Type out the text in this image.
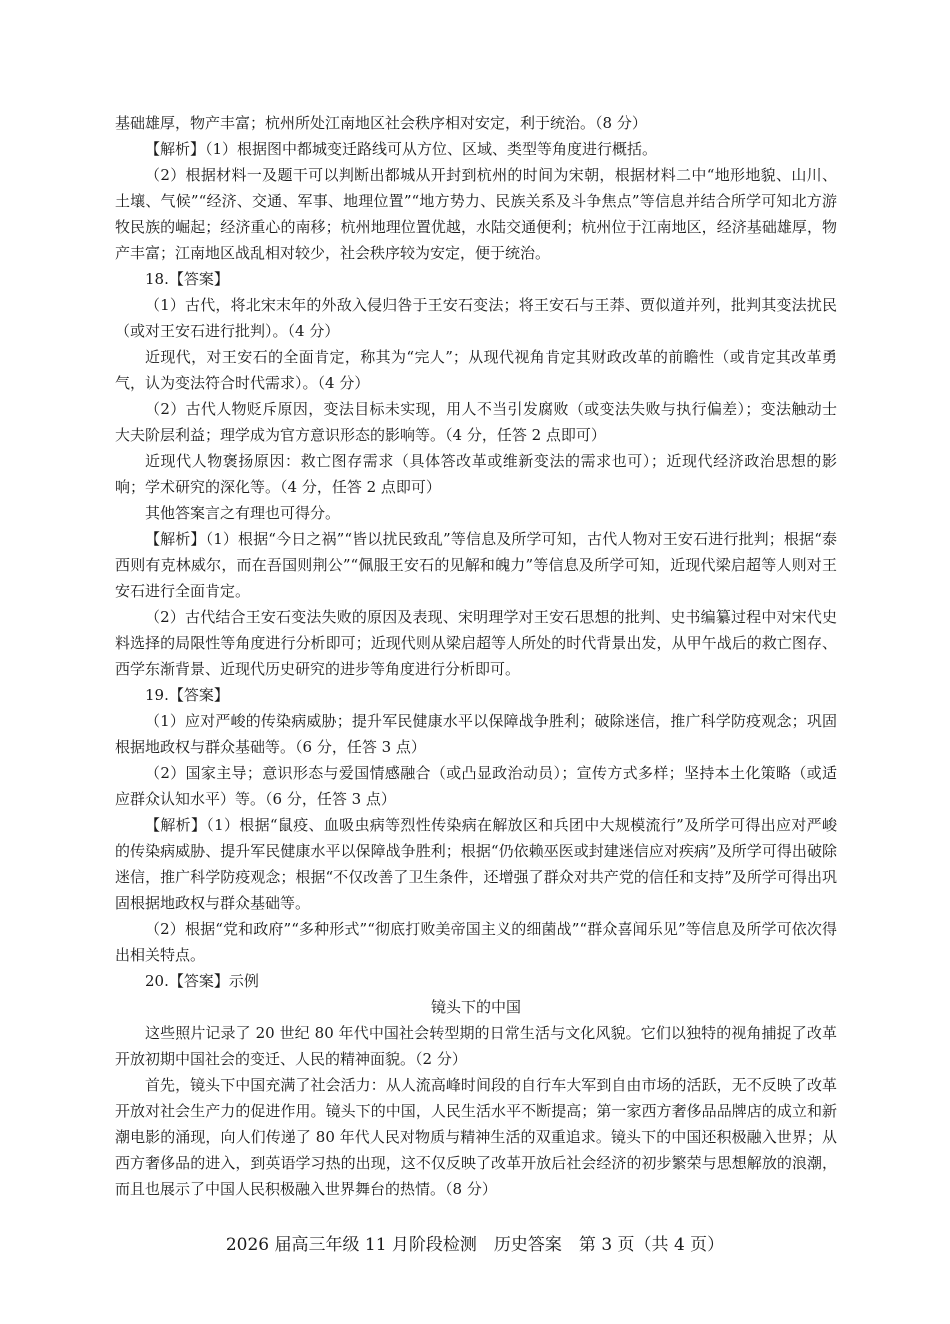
基础雄厚，物产丰富；杭州所处江南地区社会秩序相对安定，利于统治。（8 分）

【解析】（1）根据图中都城变迁路线可从方位、区域、类型等角度进行概括。

（2）根据材料一及题干可以判断出都城从开封到杭州的时间为宋朝，根据材料二中“地形地貌、山川、土壤、气候”“经济、交通、军事、地理位置”“地方势力、民族关系及斗争焦点”等信息并结合所学可知北方游牧民族的崛起；经济重心的南移；杭州地理位置优越，水陆交通便利；杭州位于江南地区，经济基础雄厚，物产丰富；江南地区战乱相对较少，社会秩序较为安定，便于统治。

18.【答案】

（1）古代，将北宋末年的外敌入侵归咎于王安石变法；将王安石与王莽、贾似道并列，批判其变法扰民（或对王安石进行批判）。（4 分）

近现代，对王安石的全面肯定，称其为“完人”；从现代视角肯定其财政改革的前瞻性（或肯定其改革勇气，认为变法符合时代需求）。（4 分）

（2）古代人物贬斥原因，变法目标未实现，用人不当引发腐败（或变法失败与执行偏差）；变法触动士大夫阶层利益；理学成为官方意识形态的影响等。（4 分，任答 2 点即可）

近现代人物褒扬原因：救亡图存需求（具体答改革或维新变法的需求也可）；近现代经济政治思想的影响；学术研究的深化等。（4 分，任答 2 点即可）

其他答案言之有理也可得分。

【解析】（1）根据“今日之祸”“皆以扰民致乱”等信息及所学可知，古代人物对王安石进行批判；根据“泰西则有克林威尔，而在吾国则荆公”“佩服王安石的见解和魄力”等信息及所学可知，近现代梁启超等人则对王安石进行全面肯定。

（2）古代结合王安石变法失败的原因及表现、宋明理学对王安石思想的批判、史书编纂过程中对宋代史料选择的局限性等角度进行分析即可；近现代则从梁启超等人所处的时代背景出发，从甲午战后的救亡图存、西学东渐背景、近现代历史研究的进步等角度进行分析即可。

19.【答案】

（1）应对严峻的传染病威胁；提升军民健康水平以保障战争胜利；破除迷信，推广科学防疫观念；巩固根据地政权与群众基础等。（6 分，任答 3 点）

（2）国家主导；意识形态与爱国情感融合（或凸显政治动员）；宣传方式多样；坚持本土化策略（或适应群众认知水平）等。（6 分，任答 3 点）

【解析】（1）根据“鼠疫、血吸虫病等烈性传染病在解放区和兵团中大规模流行”及所学可得出应对严峻的传染病威胁、提升军民健康水平以保障战争胜利；根据“仍依赖巫医或封建迷信应对疾病”及所学可得出破除迷信，推广科学防疫观念；根据“不仅改善了卫生条件，还增强了群众对共产党的信任和支持”及所学可得出巩固根据地政权与群众基础等。

（2）根据“党和政府”“多种形式”“彻底打败美帝国主义的细菌战”“群众喜闻乐见”等信息及所学可依次得出相关特点。

20.【答案】示例

镜头下的中国

这些照片记录了 20 世纪 80 年代中国社会转型期的日常生活与文化风貌。它们以独特的视角捕捉了改革开放初期中国社会的变迁、人民的精神面貌。（2 分）

首先，镜头下中国充满了社会活力：从人流高峰时间段的自行车大军到自由市场的活跃，无不反映了改革开放对社会生产力的促进作用。镜头下的中国，人民生活水平不断提高；第一家西方奢侈品品牌店的成立和新潮电影的涌现，向人们传递了 80 年代人民对物质与精神生活的双重追求。镜头下的中国还积极融入世界；从西方奢侈品的进入，到英语学习热的出现，这不仅反映了改革开放后社会经济的初步繁荣与思想解放的浪潮，而且也展示了中国人民积极融入世界舞台的热情。（8 分）

2026 届高三年级 11 月阶段检测　历史答案　第 3 页（共 4 页）
